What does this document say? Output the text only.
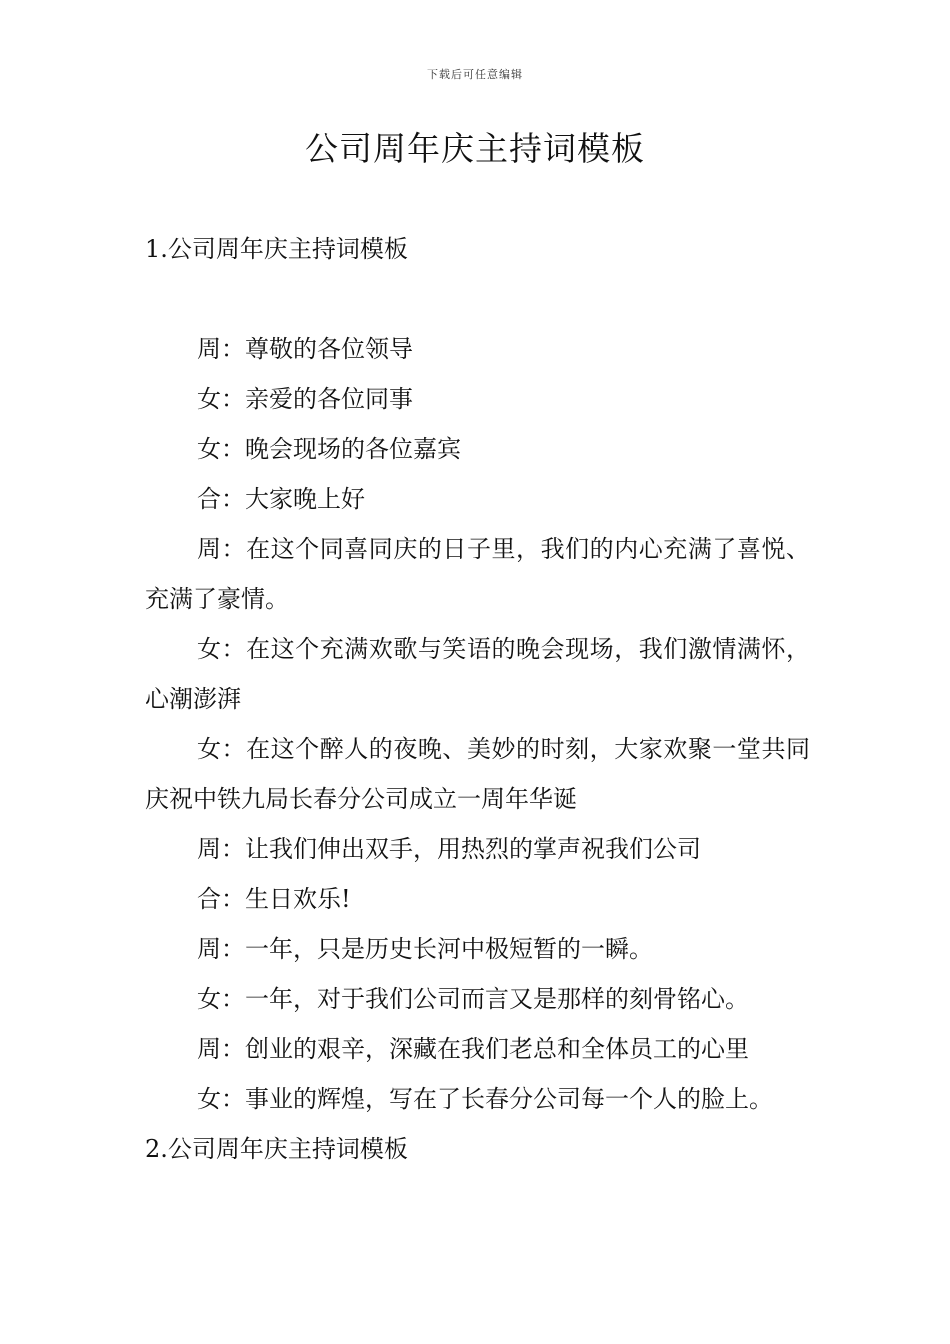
下载后可任意编辑
公司周年庆主持词模板

1.公司周年庆主持词模板

周：尊敬的各位领导

女：亲爱的各位同事

女：晚会现场的各位嘉宾

合：大家晚上好

周：在这个同喜同庆的日子里，我们的内心充满了喜悦、充满了豪情。

女：在这个充满欢歌与笑语的晚会现场，我们激情满怀，心潮澎湃

女：在这个醉人的夜晚、美妙的时刻，大家欢聚一堂共同庆祝中铁九局长春分公司成立一周年华诞

周：让我们伸出双手，用热烈的掌声祝我们公司

合：生日欢乐!

周：一年，只是历史长河中极短暂的一瞬。

女：一年，对于我们公司而言又是那样的刻骨铭心。

周：创业的艰辛，深藏在我们老总和全体员工的心里

女：事业的辉煌，写在了长春分公司每一个人的脸上。

2.公司周年庆主持词模板
